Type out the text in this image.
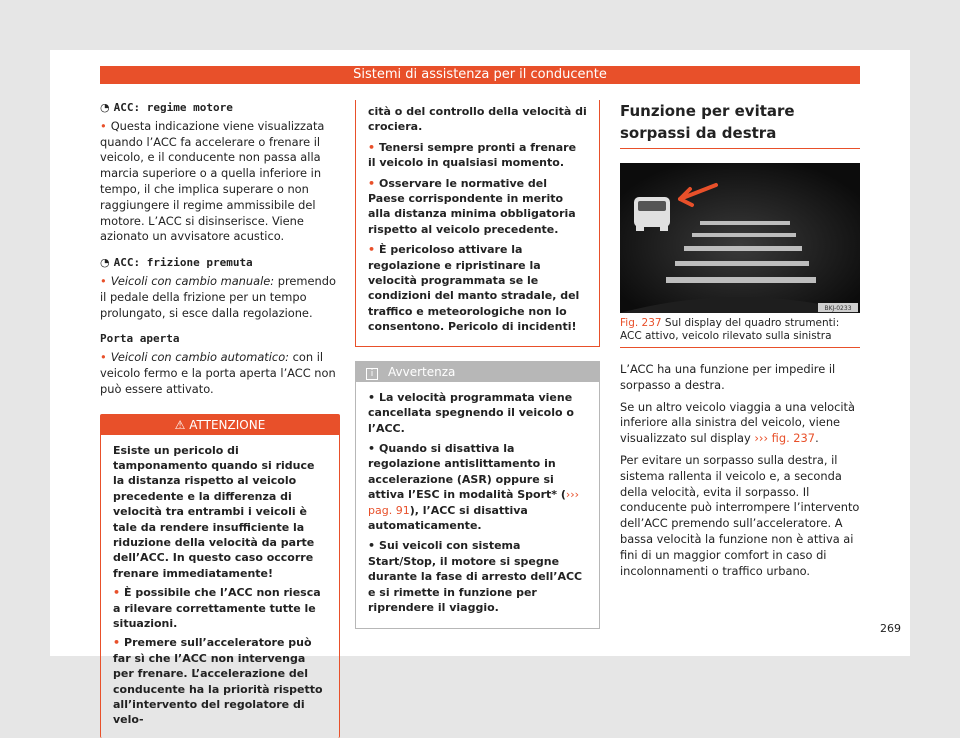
Sistemi di assistenza per il conducente
◔ ACC: regime motore

• Questa indicazione viene visualizzata quando l’ACC fa accelerare o frenare il veicolo, e il conducente non passa alla marcia superiore o a quella inferiore in tempo, il che implica superare o non raggiungere il regime ammissibile del motore. L’ACC si disinserisce. Viene azionato un avvisatore acustico.

◔ ACC: frizione premuta

• Veicoli con cambio manuale: premendo il pedale della frizione per un tempo prolungato, si esce dalla regolazione.

Porta aperta

• Veicoli con cambio automatico: con il veicolo fermo e la porta aperta l’ACC non può essere attivato.

⚠ ATTENZIONE

Esiste un pericolo di tamponamento quando si riduce la distanza rispetto al veicolo precedente e la differenza di velocità tra entrambi i veicoli è tale da rendere insufficiente la riduzione della velocità da parte dell’ACC. In questo caso occorre frenare immediatamente!

• È possibile che l’ACC non riesca a rilevare correttamente tutte le situazioni.

• Premere sull’acceleratore può far sì che l’ACC non intervenga per frenare. L’accelerazione del conducente ha la priorità rispetto all’intervento del regolatore di velo-

cità o del controllo della velocità di crociera.

• Tenersi sempre pronti a frenare il veicolo in qualsiasi momento.

• Osservare le normative del Paese corrispondente in merito alla distanza minima obbligatoria rispetto al veicolo precedente.

• È pericoloso attivare la regolazione e ripristinare la velocità programmata se le condizioni del manto stradale, del traffico e meteorologiche non lo consentono. Pericolo di incidenti!

i Avvertenza

• La velocità programmata viene cancellata spegnendo il veicolo o l’ACC.

• Quando si disattiva la regolazione antislittamento in accelerazione (ASR) oppure si attiva l’ESC in modalità Sport* (››› pag. 91), l’ACC si disattiva automaticamente.

• Sui veicoli con sistema Start/Stop, il motore si spegne durante la fase di arresto dell’ACC e si rimette in funzione per riprendere il viaggio.

Funzione per evitare sorpassi da destra
BKJ-0233
Fig. 237 Sul display del quadro strumenti: ACC attivo, veicolo rilevato sulla sinistra

L’ACC ha una funzione per impedire il sorpasso a destra.

Se un altro veicolo viaggia a una velocità inferiore alla sinistra del veicolo, viene visualizzato sul display ››› fig. 237.

Per evitare un sorpasso sulla destra, il sistema rallenta il veicolo e, a seconda della velocità, evita il sorpasso. Il conducente può interrompere l’intervento dell’ACC premendo sull’acceleratore. A bassa velocità la funzione non è attiva ai fini di un maggior comfort in caso di incolonnamenti o traffico urbano.

269
